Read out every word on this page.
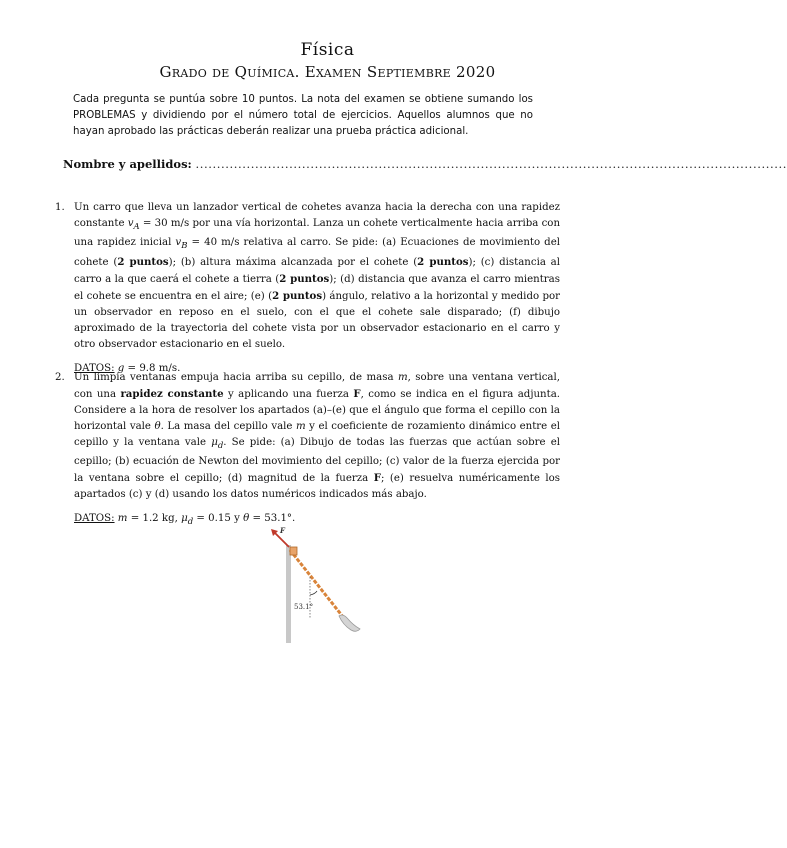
Física
Grado de Química. Examen Septiembre 2020
Cada pregunta se puntúa sobre 10 puntos. La nota del examen se obtiene sumando los PROBLEMAS y dividiendo por el número total de ejercicios. Aquellos alumnos que no hayan aprobado las prácticas deberán realizar una prueba práctica adicional.
Nombre y apellidos: ...........................................................................................................................................
1. Un carro que lleva un lanzador vertical de cohetes avanza hacia la derecha con una rapidez constante $v_A = 30$ m/s por una vía horizontal. Lanza un cohete verticalmente hacia arriba con una rapidez inicial $v_B = 40$ m/s relativa al carro. Se pide: (a) Ecuaciones de movimiento del cohete (2 puntos); (b) altura máxima alcanzada por el cohete (2 puntos); (c) distancia al carro a la que caerá el cohete a tierra (2 puntos); (d) distancia que avanza el carro mientras el cohete se encuentra en el aire; (e) (2 puntos) ángulo, relativo a la horizontal y medido por un observador en reposo en el suelo, con el que el cohete sale disparado; (f) dibujo aproximado de la trayectoria del cohete vista por un observador estacionario en el carro y otro observador estacionario en el suelo.
DATOS: g = 9.8 m/s.
2. Un limpia ventanas empuja hacia arriba su cepillo, de masa m, sobre una ventana vertical, con una rapidez constante y aplicando una fuerza F, como se indica en el figura adjunta. Considere a la hora de resolver los apartados (a)–(e) que el ángulo que forma el cepillo con la horizontal vale θ. La masa del cepillo vale m y el coeficiente de rozamiento dinámico entre el cepillo y la ventana vale $\mu_d$. Se pide: (a) Dibujo de todas las fuerzas que actúan sobre el cepillo; (b) ecuación de Newton del movimiento del cepillo; (c) valor de la fuerza ejercida por la ventana sobre el cepillo; (d) magnitud de la fuerza F; (e) resuelva numéricamente los apartados (c) y (d) usando los datos numéricos indicados más abajo.
DATOS: m = 1.2 kg, $\mu_d = 0.15$ y θ = 53.1°.
F
53.1°
